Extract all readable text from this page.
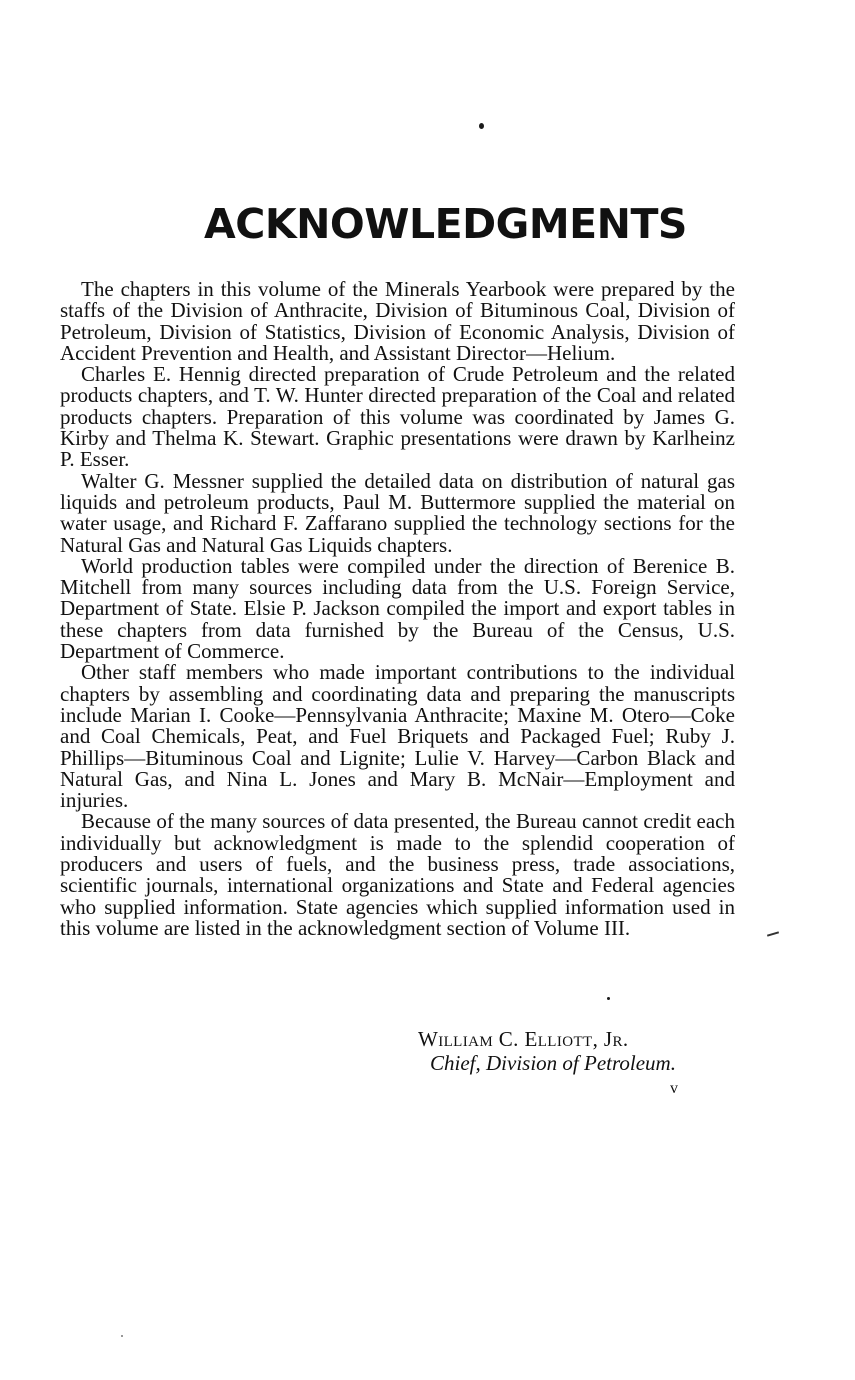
ACKNOWLEDGMENTS

The chapters in this volume of the Minerals Yearbook were prepared by the staffs of the Division of Anthracite, Division of Bituminous Coal, Division of Petroleum, Division of Statistics, Division of Economic Analysis, Division of Accident Prevention and Health, and Assistant Director—Helium.

Charles E. Hennig directed preparation of Crude Petroleum and the related products chapters, and T. W. Hunter directed preparation of the Coal and related products chapters. Preparation of this volume was coordinated by James G. Kirby and Thelma K. Stewart. Graphic presentations were drawn by Karlheinz P. Esser.

Walter G. Messner supplied the detailed data on distribution of natural gas liquids and petroleum products, Paul M. Buttermore supplied the material on water usage, and Richard F. Zaffarano supplied the technology sections for the Natural Gas and Natural Gas Liquids chapters.

World production tables were compiled under the direction of Berenice B. Mitchell from many sources including data from the U.S. Foreign Service, Department of State. Elsie P. Jackson compiled the import and export tables in these chapters from data furnished by the Bureau of the Census, U.S. Department of Commerce.

Other staff members who made important contributions to the individual chapters by assembling and coordinating data and preparing the manuscripts include Marian I. Cooke—Pennsylvania Anthracite; Maxine M. Otero—Coke and Coal Chemicals, Peat, and Fuel Briquets and Packaged Fuel; Ruby J. Phillips—Bituminous Coal and Lignite; Lulie V. Harvey—Carbon Black and Natural Gas, and Nina L. Jones and Mary B. McNair—Employment and injuries.

Because of the many sources of data presented, the Bureau cannot credit each individually but acknowledgment is made to the splendid cooperation of producers and users of fuels, and the business press, trade associations, scientific journals, international organizations and State and Federal agencies who supplied information. State agencies which supplied information used in this volume are listed in the acknowledgment section of Volume III.

William C. Elliott, Jr.

Chief, Division of Petroleum.

v
